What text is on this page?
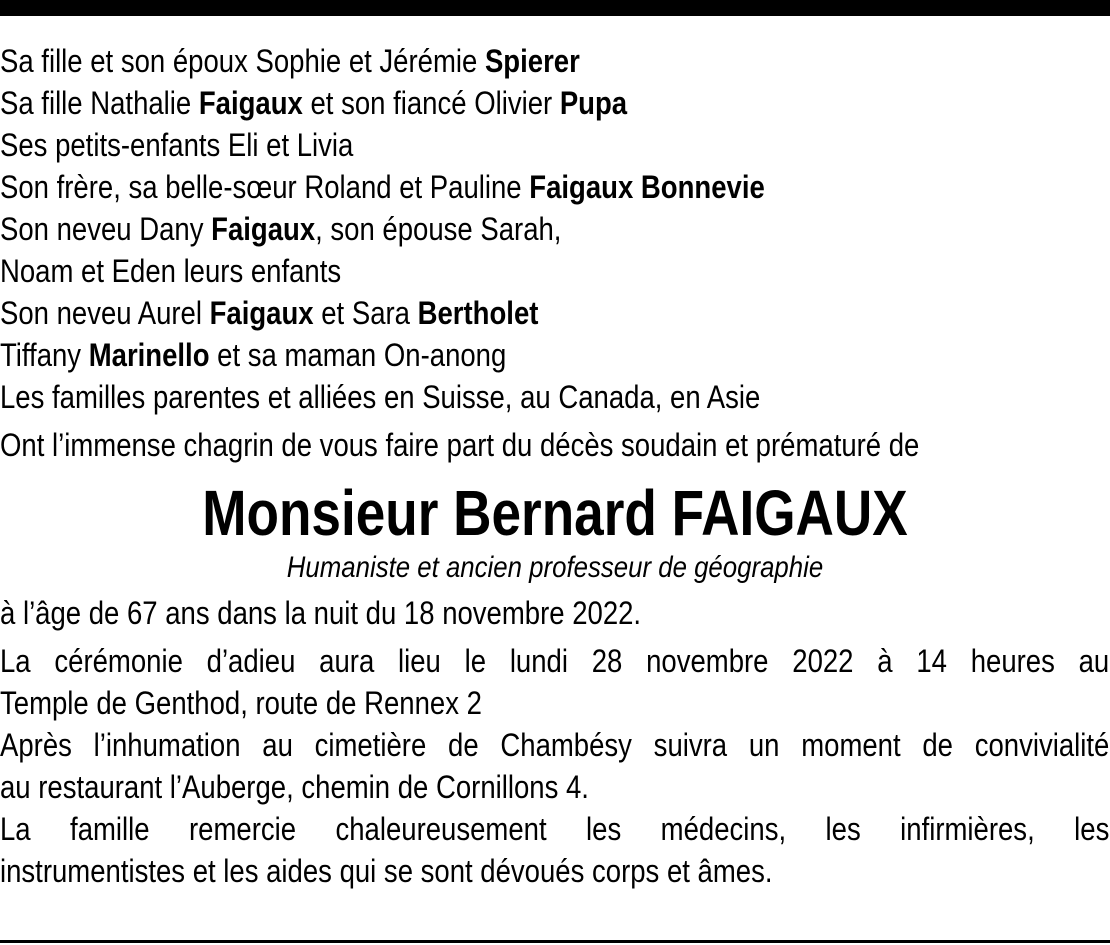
Sa fille et son époux Sophie et Jérémie Spierer
Sa fille Nathalie Faigaux et son fiancé Olivier Pupa
Ses petits-enfants Eli et Livia
Son frère, sa belle-sœur Roland et Pauline Faigaux Bonnevie
Son neveu Dany Faigaux, son épouse Sarah,
Noam et Eden leurs enfants
Son neveu Aurel Faigaux et Sara Bertholet
Tiffany Marinello et sa maman On-anong
Les familles parentes et alliées en Suisse, au Canada, en Asie
Ont l’immense chagrin de vous faire part du décès soudain et prématuré de
Monsieur Bernard FAIGAUX
Humaniste et ancien professeur de géographie
à l’âge de 67 ans dans la nuit du 18 novembre 2022.
La cérémonie d’adieu aura lieu le lundi 28 novembre 2022 à 14 heures au
Temple de Genthod, route de Rennex 2
Après l’inhumation au cimetière de Chambésy suivra un moment de convivialité
au restaurant l’Auberge, chemin de Cornillons 4.
La famille remercie chaleureusement les médecins, les infirmières, les
instrumentistes et les aides qui se sont dévoués corps et âmes.
